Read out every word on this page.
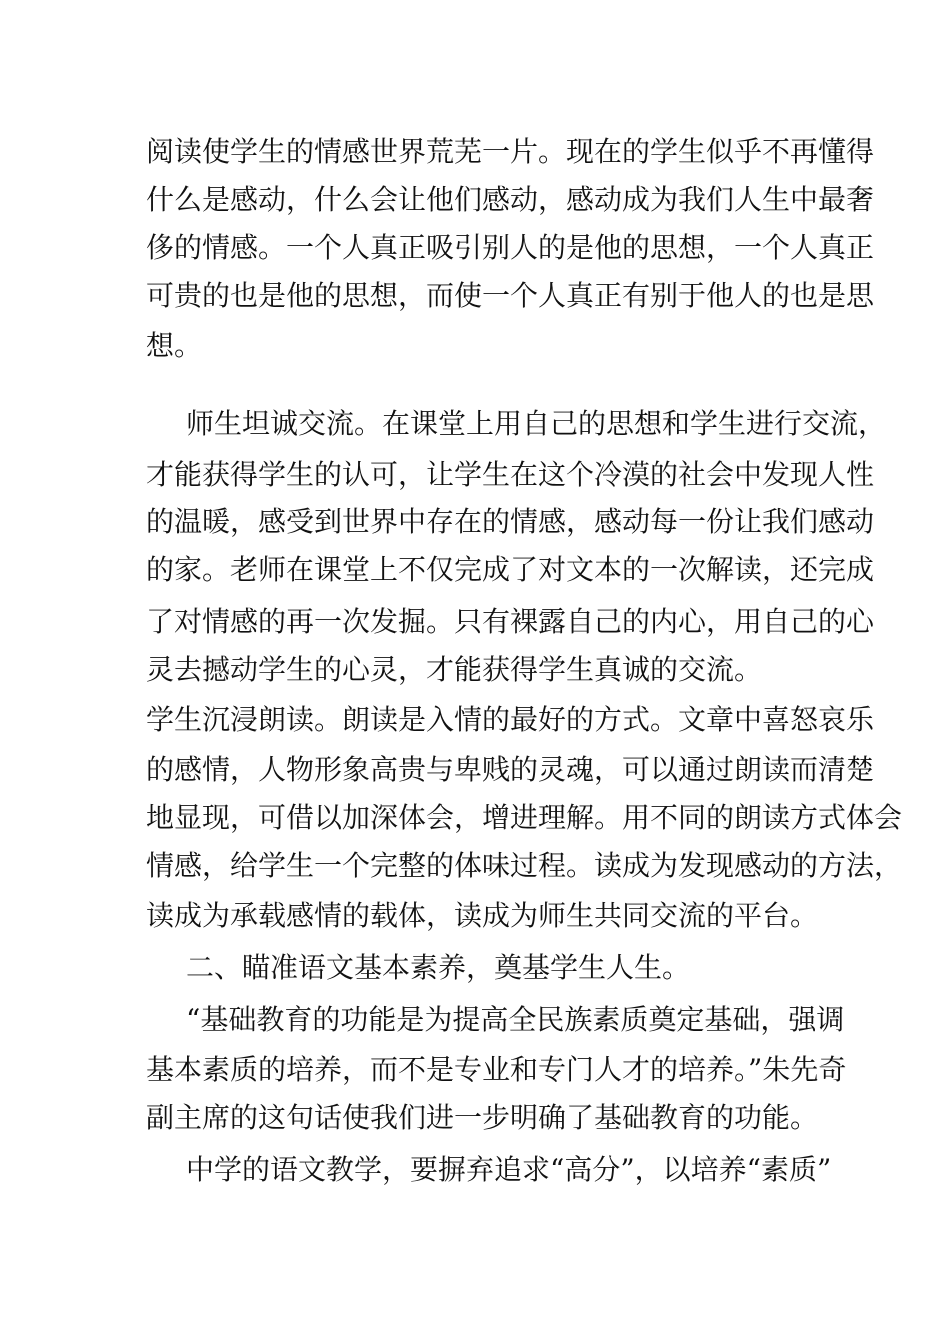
阅读使学生的情感世界荒芜一片。现在的学生似乎不再懂得
什么是感动，什么会让他们感动，感动成为我们人生中最奢
侈的情感。一个人真正吸引别人的是他的思想，一个人真正
可贵的也是他的思想，而使一个人真正有别于他人的也是思
想。
师生坦诚交流。在课堂上用自己的思想和学生进行交流，
才能获得学生的认可，让学生在这个冷漠的社会中发现人性
的温暖，感受到世界中存在的情感，感动每一份让我们感动
的家。老师在课堂上不仅完成了对文本的一次解读，还完成
了对情感的再一次发掘。只有裸露自己的内心，用自己的心
灵去撼动学生的心灵，才能获得学生真诚的交流。
学生沉浸朗读。朗读是入情的最好的方式。文章中喜怒哀乐
的感情，人物形象高贵与卑贱的灵魂，可以通过朗读而清楚
地显现，可借以加深体会，增进理解。用不同的朗读方式体会
情感，给学生一个完整的体味过程。读成为发现感动的方法，
读成为承载感情的载体，读成为师生共同交流的平台。
二、瞄准语文基本素养，奠基学生人生。
“基础教育的功能是为提高全民族素质奠定基础，强调
基本素质的培养，而不是专业和专门人才的培养。”朱先奇
副主席的这句话使我们进一步明确了基础教育的功能。
中学的语文教学，要摒弃追求“高分”，以培养“素质”
